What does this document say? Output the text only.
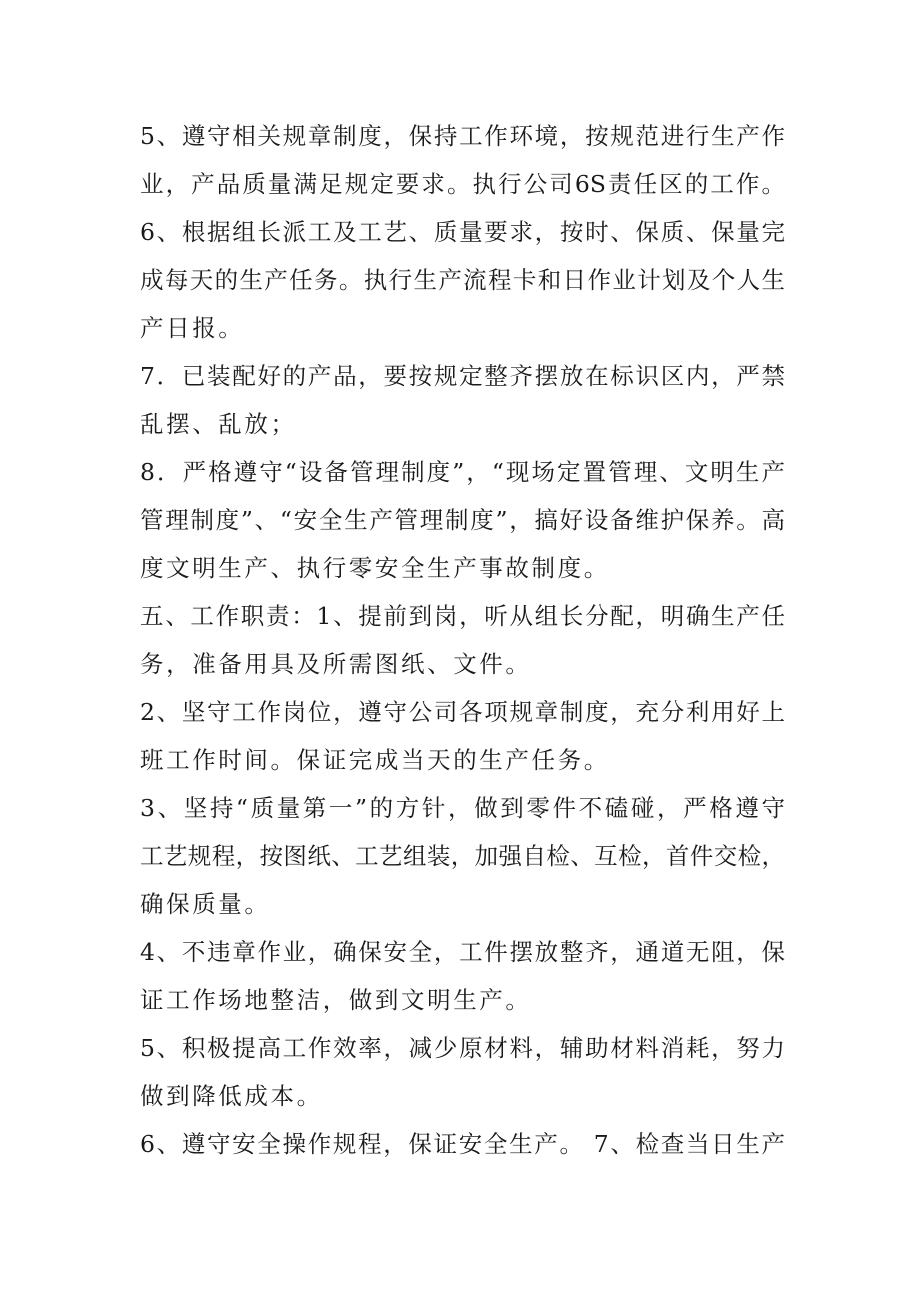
5、遵守相关规章制度，保持工作环境，按规范进行生产作
业，产品质量满足规定要求。执行公司6S责任区的工作。
6、根据组长派工及工艺、质量要求，按时、保质、保量完
成每天的生产任务。执行生产流程卡和日作业计划及个人生
产日报。
7．已装配好的产品，要按规定整齐摆放在标识区内，严禁
乱摆、乱放；
8．严格遵守“设备管理制度”，“现场定置管理、文明生产
管理制度”、“安全生产管理制度”，搞好设备维护保养。高
度文明生产、执行零安全生产事故制度。
五、工作职责：1、提前到岗，听从组长分配，明确生产任
务，准备用具及所需图纸、文件。
2、坚守工作岗位，遵守公司各项规章制度，充分利用好上
班工作时间。保证完成当天的生产任务。
3、坚持“质量第一”的方针，做到零件不磕碰，严格遵守
工艺规程，按图纸、工艺组装，加强自检、互检，首件交检，
确保质量。
4、不违章作业，确保安全，工件摆放整齐，通道无阻，保
证工作场地整洁，做到文明生产。
5、积极提高工作效率，减少原材料，辅助材料消耗，努力
做到降低成本。
6、遵守安全操作规程，保证安全生产。 7、检查当日生产
